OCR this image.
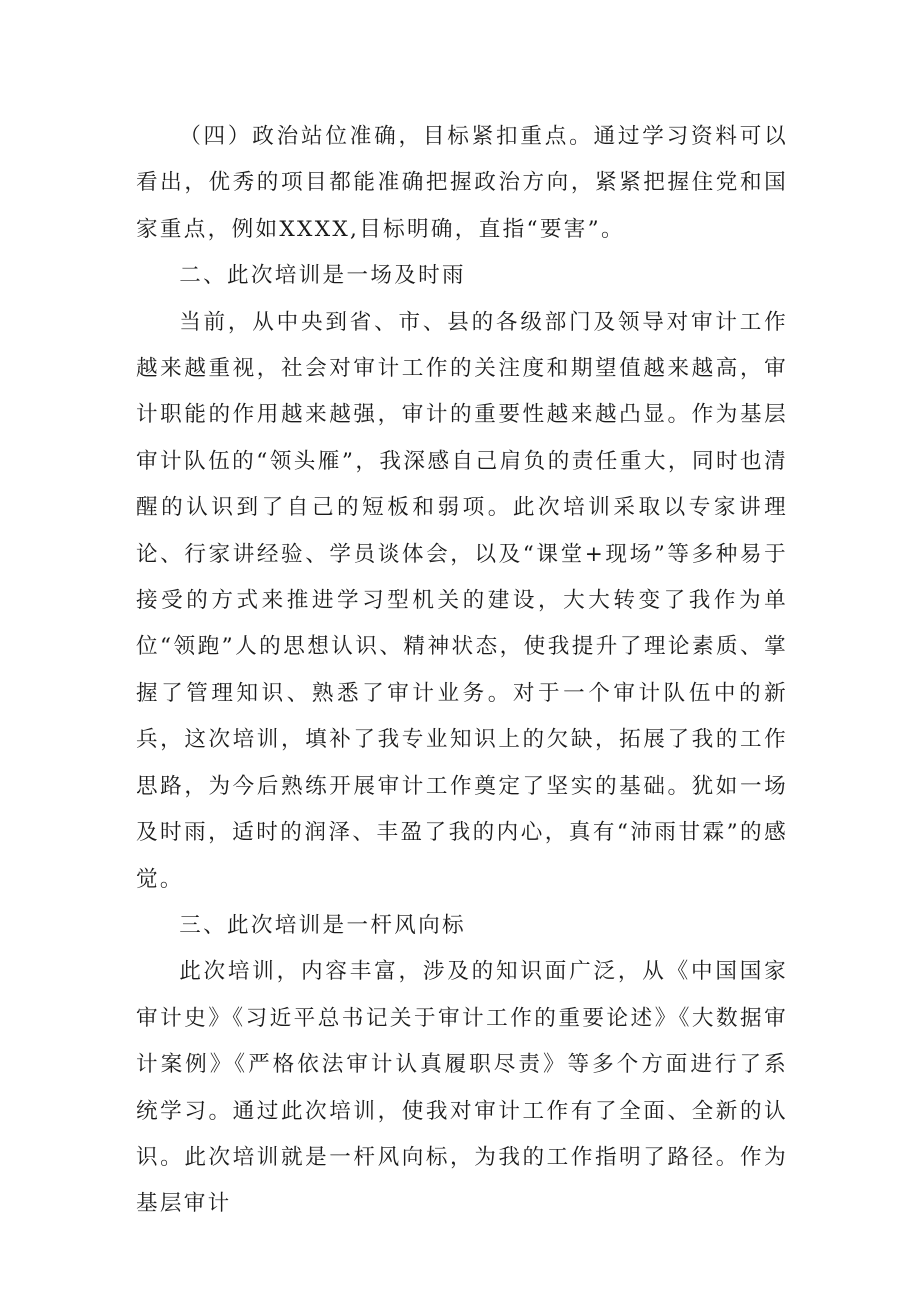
（四）政治站位准确，目标紧扣重点。通过学习资料可以看出，优秀的项目都能准确把握政治方向，紧紧把握住党和国家重点，例如XXXX,目标明确，直指“要害”。

二、此次培训是一场及时雨

当前，从中央到省、市、县的各级部门及领导对审计工作越来越重视，社会对审计工作的关注度和期望值越来越高，审计职能的作用越来越强，审计的重要性越来越凸显。作为基层审计队伍的“领头雁”，我深感自己肩负的责任重大，同时也清醒的认识到了自己的短板和弱项。此次培训采取以专家讲理论、行家讲经验、学员谈体会，以及“课堂+现场”等多种易于接受的方式来推进学习型机关的建设，大大转变了我作为单位“领跑”人的思想认识、精神状态，使我提升了理论素质、掌握了管理知识、熟悉了审计业务。对于一个审计队伍中的新兵，这次培训，填补了我专业知识上的欠缺，拓展了我的工作思路，为今后熟练开展审计工作奠定了坚实的基础。犹如一场及时雨，适时的润泽、丰盈了我的内心，真有“沛雨甘霖”的感觉。

三、此次培训是一杆风向标

此次培训，内容丰富，涉及的知识面广泛，从《中国国家审计史》《习近平总书记关于审计工作的重要论述》《大数据审计案例》《严格依法审计认真履职尽责》等多个方面进行了系统学习。通过此次培训，使我对审计工作有了全面、全新的认识。此次培训就是一杆风向标，为我的工作指明了路径。作为基层审计
